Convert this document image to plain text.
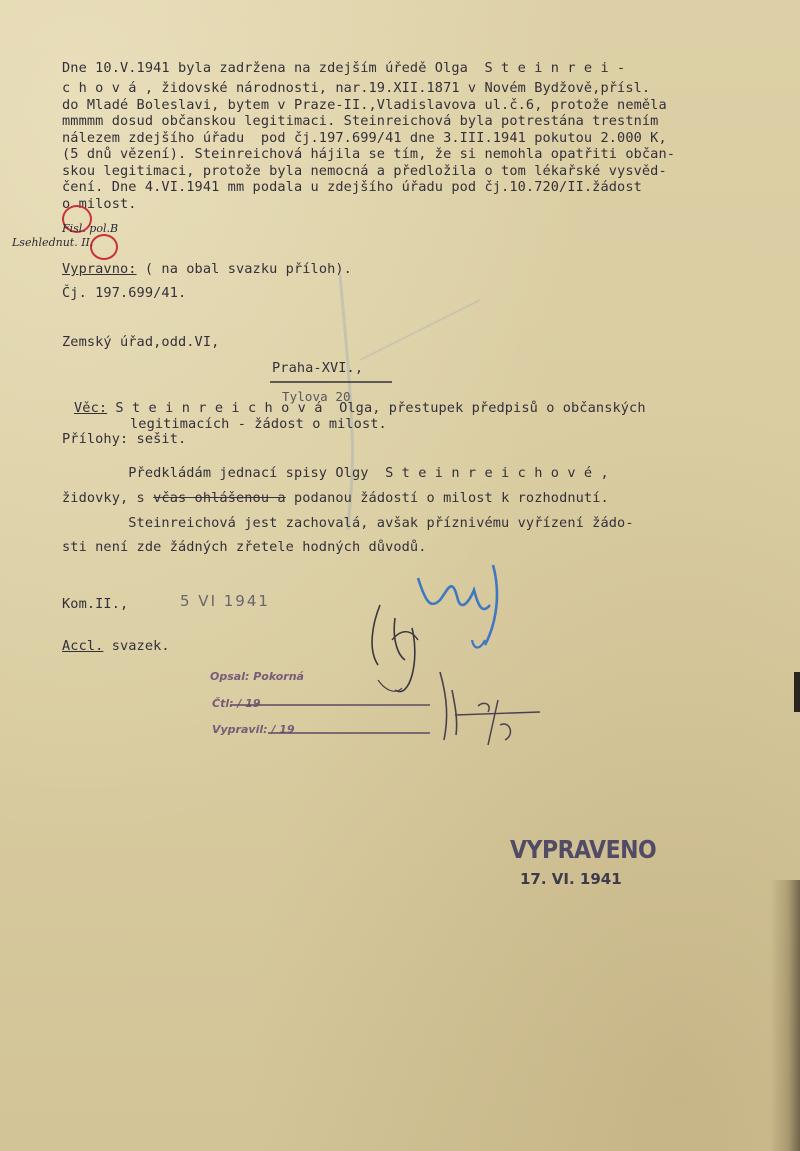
Dne 10.V.1941 byla zadržena na zdejším úředě Olga  S t e i n r e i -

c h o v á , židovské národnosti, nar.19.XII.1871 v Novém Bydžově,přísl.

do Mladé Boleslavi, bytem v Praze-II.,Vladislavova ul.č.6, protože neměla

mmmmm dosud občanskou legitimaci. Steinreichová byla potrestána trestním

nálezem zdejšího úřadu  pod čj.197.699/41 dne 3.III.1941 pokutou 2.000 K,

(5 dnů vězení). Steinreichová hájila se tím, že si nemohla opatřiti občan-

skou legitimaci, protože byla nemocná a předložila o tom lékařské vysvěd-

čení. Dne 4.VI.1941 mm podala u zdejšího úřadu pod čj.10.720/II.žádost

o milost.

Fisl. pol.B
Lsehlednut. II.

Vypravno: ( na obal svazku příloh).

Čj. 197.699/41.

Zemský úřad,odd.VI,

Praha-XVI.,

Tylova 20

Věc: S t e i n r e i c h o v á  Olga, přestupek předpisů o občanských

legitimacích - žádost o milost.

Přílohy: sešit.

Předkládám jednací spisy Olgy  S t e i n r e i c h o v é ,

židovky, s včas ohlášenou a podanou žádostí o milost k rozhodnutí.

Steinreichová jest zachovalá, avšak příznivému vyřízení žádo-

sti není zde žádných zřetele hodných důvodů.

Kom.II.,	5 VI 1941

Accl. svazek.

Opsal: Pokorná
Čtl: / 19
Vypravil: / 19
VYPRAVENO
17. VI. 1941
